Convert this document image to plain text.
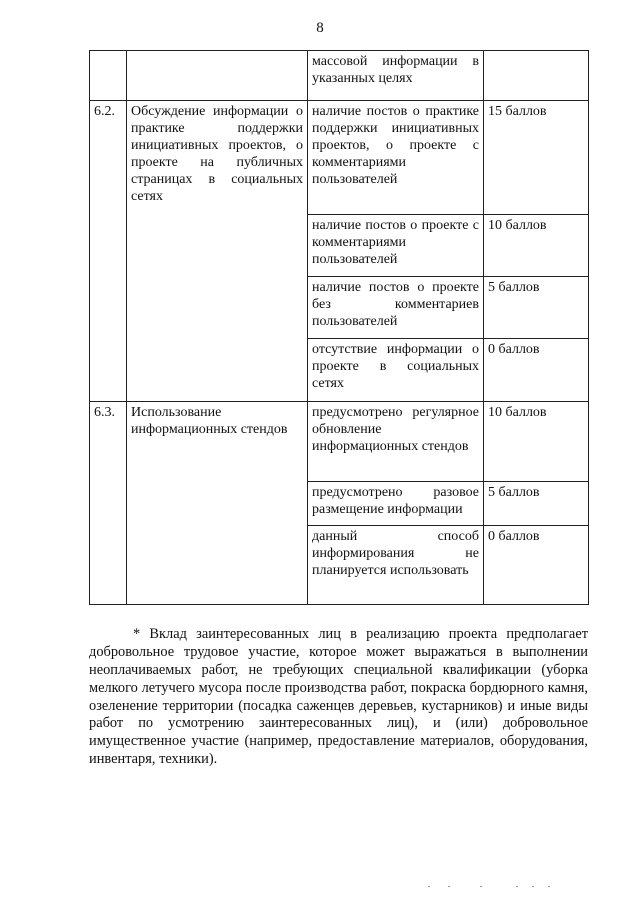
8
		массовой информации в указанных целях	
6.2.	Обсуждение информации о практике поддержки инициативных проектов, о проекте на публичных страницах в социальных сетях	наличие постов о практике поддержки инициативных проектов, о проекте с комментариями пользователей	15 баллов
		наличие постов о проекте с комментариями пользователей	10 баллов
		наличие постов о проекте без комментариев пользователей	5 баллов
		отсутствие информации о проекте в социальных сетях	0 баллов
6.3.	Использование информационных стендов	предусмотрено регулярное обновление информационных стендов	10 баллов
		предусмотрено разовое размещение информации	5 баллов
		данный способ информирования не планируется использовать	0 баллов

* Вклад заинтересованных лиц в реализацию проекта предполагает добровольное трудовое участие, которое может выражаться в выполнении неоплачиваемых работ, не требующих специальной квалификации (уборка мелкого летучего мусора после производства работ, покраска бордюрного камня, озеленение территории (посадка саженцев деревьев, кустарников) и иные виды работ по усмотрению заинтересованных лиц), и (или) добровольное имущественное участие (например, предоставление материалов, оборудования, инвентаря, техники).
